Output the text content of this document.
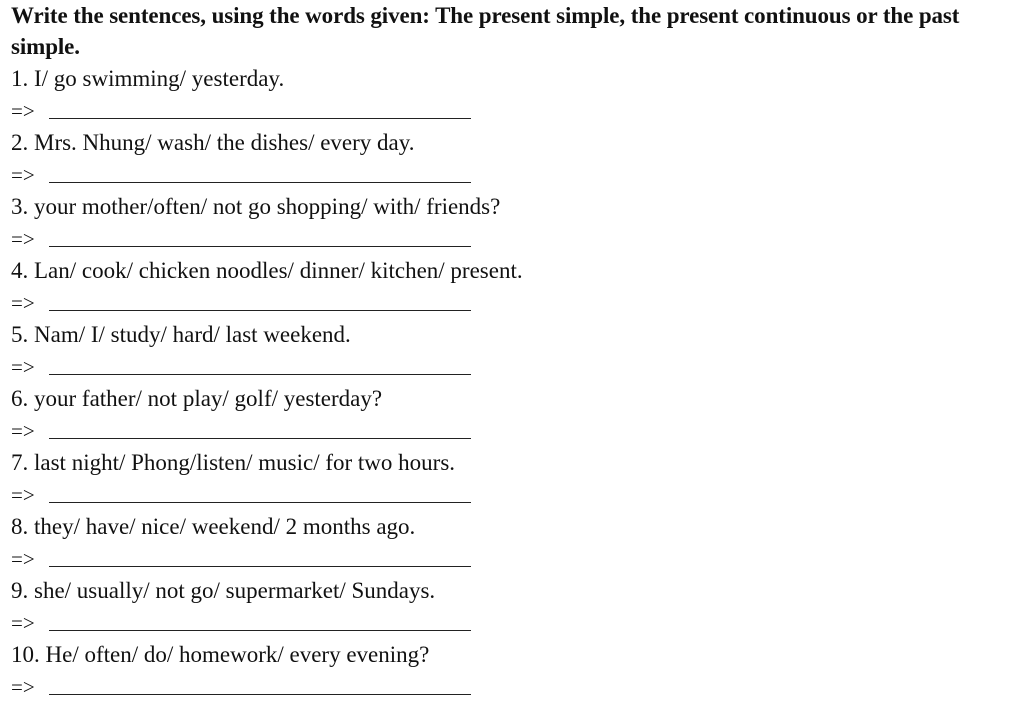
Write the sentences, using the words given: The present simple, the present continuous or the past simple.

1. I/ go swimming/ yesterday.
=>
2. Mrs. Nhung/ wash/ the dishes/ every day.
=>
3. your mother/often/ not go shopping/ with/ friends?
=>
4. Lan/ cook/ chicken noodles/ dinner/ kitchen/ present.
=>
5. Nam/ I/ study/ hard/ last weekend.
=>
6. your father/ not play/ golf/ yesterday?
=>
7. last night/ Phong/listen/ music/ for two hours.
=>
8. they/ have/ nice/ weekend/ 2 months ago.
=>
9. she/ usually/ not go/ supermarket/ Sundays.
=>
10. He/ often/ do/ homework/ every evening?
=>
